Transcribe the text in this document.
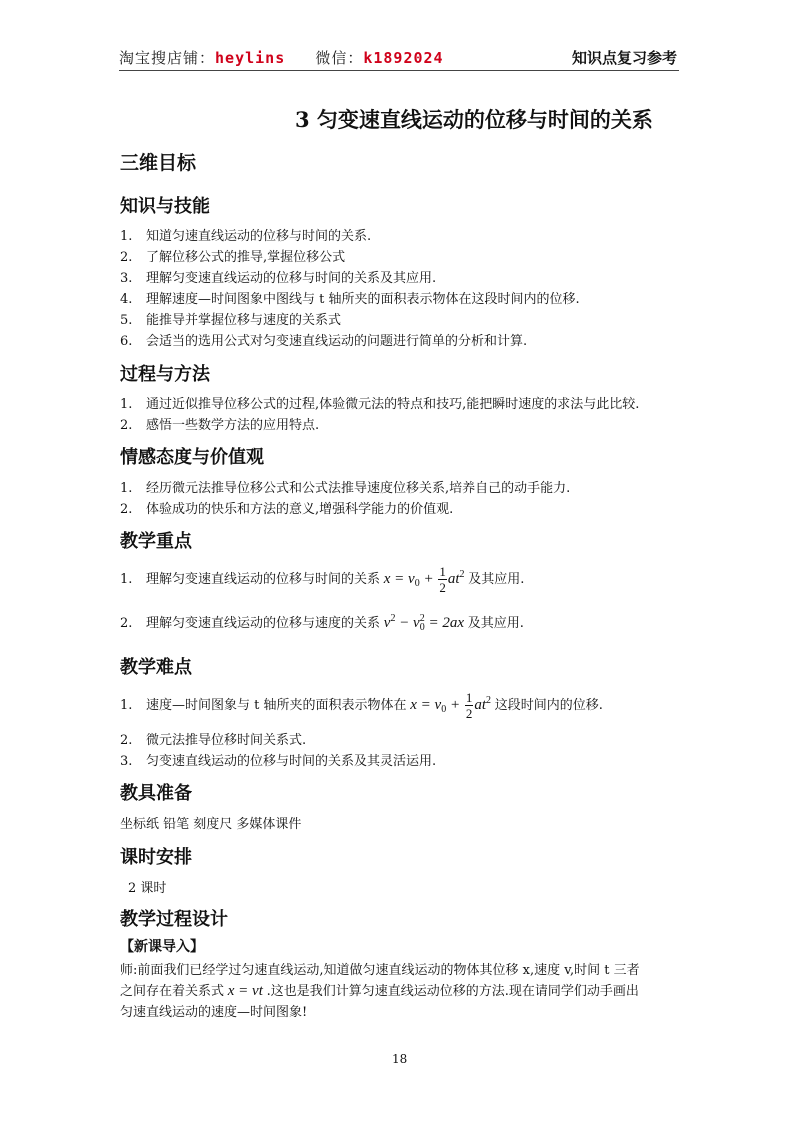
淘宝搜店铺：heylins 微信：k1892024	知识点复习参考
3 匀变速直线运动的位移与时间的关系
三维目标
知识与技能
1. 知道匀速直线运动的位移与时间的关系.
2. 了解位移公式的推导,掌握位移公式
3. 理解匀变速直线运动的位移与时间的关系及其应用.
4. 理解速度—时间图象中图线与 t 轴所夹的面积表示物体在这段时间内的位移.
5. 能推导并掌握位移与速度的关系式
6. 会适当的选用公式对匀变速直线运动的问题进行简单的分析和计算.
过程与方法
1. 通过近似推导位移公式的过程,体验微元法的特点和技巧,能把瞬时速度的求法与此比较.
2. 感悟一些数学方法的应用特点.
情感态度与价值观
1. 经历微元法推导位移公式和公式法推导速度位移关系,培养自己的动手能力.
2. 体验成功的快乐和方法的意义,增强科学能力的价值观.
教学重点
1. 理解匀变速直线运动的位移与时间的关系 $x = v_0 + \frac{1}{2} at^2$ 及其应用.
2. 理解匀变速直线运动的位移与速度的关系 $v^2 - v_0^2 = 2ax$ 及其应用.
教学难点
1. 速度—时间图象与 t 轴所夹的面积表示物体在 $x = v_0 + \frac{1}{2} at^2$ 这段时间内的位移.
2. 微元法推导位移时间关系式.
3. 匀变速直线运动的位移与时间的关系及其灵活运用.
教具准备
坐标纸 铅笔 刻度尺 多媒体课件
课时安排
2 课时
教学过程设计
【新课导入】
师:前面我们已经学过匀速直线运动,知道做匀速直线运动的物体其位移 x,速度 v,时间 t 三者
之间存在着关系式 x = vt .这也是我们计算匀速直线运动位移的方法.现在请同学们动手画出
匀速直线运动的速度—时间图象!
18
